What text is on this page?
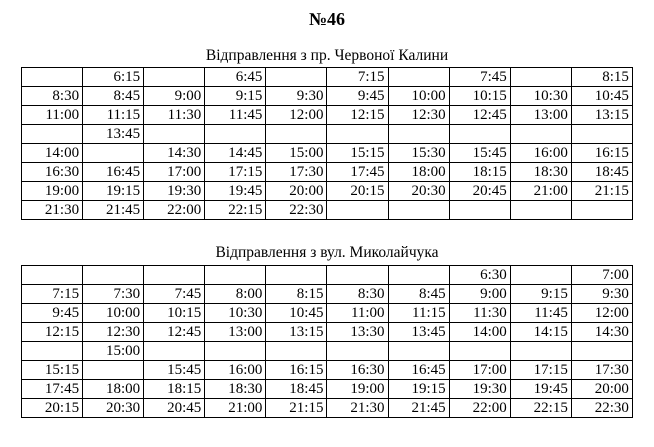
№46
Відправлення з пр. Червоної Калини
	6:15		6:45		7:15		7:45		8:15
8:30	8:45	9:00	9:15	9:30	9:45	10:00	10:15	10:30	10:45
11:00	11:15	11:30	11:45	12:00	12:15	12:30	12:45	13:00	13:15
	13:45								
14:00		14:30	14:45	15:00	15:15	15:30	15:45	16:00	16:15
16:30	16:45	17:00	17:15	17:30	17:45	18:00	18:15	18:30	18:45
19:00	19:15	19:30	19:45	20:00	20:15	20:30	20:45	21:00	21:15
21:30	21:45	22:00	22:15	22:30					
Відправлення з вул. Миколайчука
							6:30		7:00
7:15	7:30	7:45	8:00	8:15	8:30	8:45	9:00	9:15	9:30
9:45	10:00	10:15	10:30	10:45	11:00	11:15	11:30	11:45	12:00
12:15	12:30	12:45	13:00	13:15	13:30	13:45	14:00	14:15	14:30
	15:00								
15:15		15:45	16:00	16:15	16:30	16:45	17:00	17:15	17:30
17:45	18:00	18:15	18:30	18:45	19:00	19:15	19:30	19:45	20:00
20:15	20:30	20:45	21:00	21:15	21:30	21:45	22:00	22:15	22:30
